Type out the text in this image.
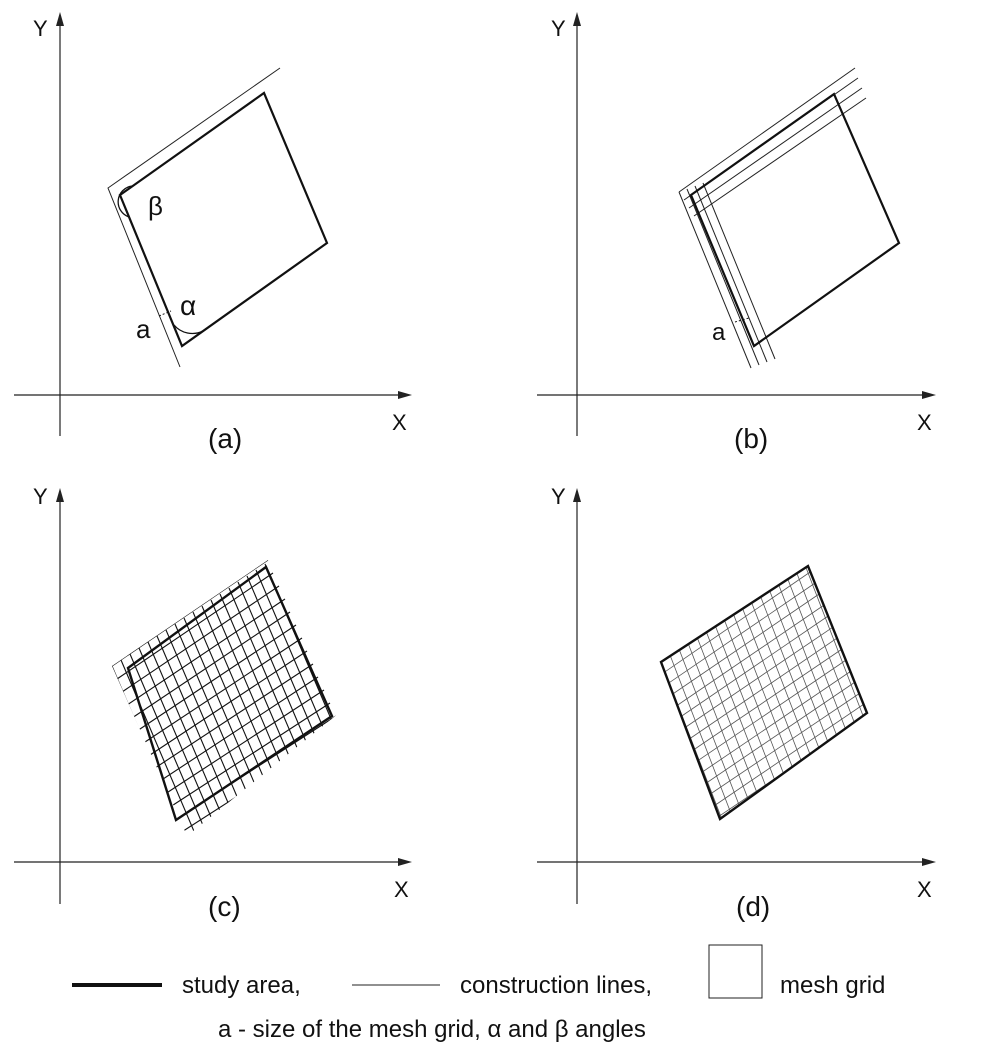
Y
X
β
α
a
(a)
Y
X
a
(b)
Y
X
(c)
Y
X
(d)
study area,	construction lines,	mesh grid
a - size of the mesh grid, α and β angles
